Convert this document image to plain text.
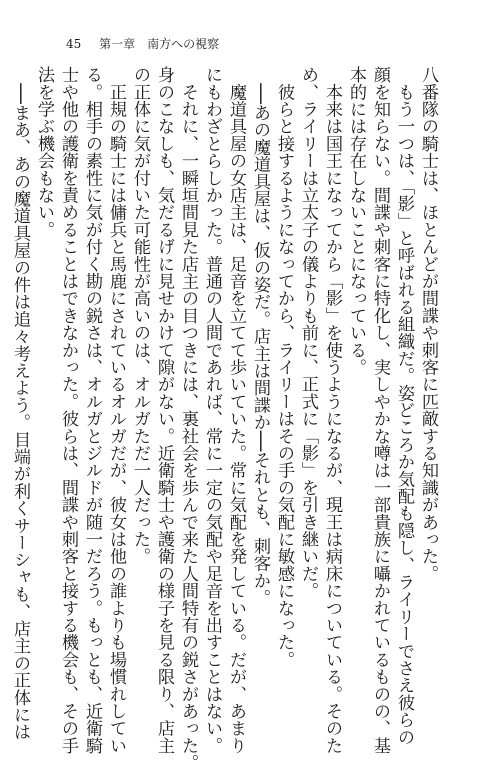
45 第一章　南方への視察
八番隊の騎士は、ほとんどが間諜や刺客に匹敵する知識があった。
　もう一つは、「影」と呼ばれる組織だ。姿どころか気配も隠し、ライリーでさえ彼らの
顔を知らない。間諜や刺客に特化し、実しやかな噂は一部貴族に囁かれているものの、基
本的には存在しないことになっている。
　本来は国王になってから「影」を使うようになるが、現王は病床についている。そのた
め、ライリーは立太子の儀よりも前に、正式に「影」を引き継いだ。
　彼らと接するようになってから、ライリーはその手の気配に敏感になった。
　──あの魔道具屋は、仮の姿だ。店主は間諜か──それとも、刺客か。
　魔道具屋の女店主は、足音を立てて歩いていた。常に気配を発している。だが、あまり
にもわざとらしかった。普通の人間であれば、常に一定の気配や足音を出すことはない。
　それに、一瞬垣間見た店主の目つきには、裏社会を歩んで来た人間特有の鋭さがあった。
身のこなしも、気だるげに見せかけて隙がない。近衛騎士や護衛の様子を見る限り、店主
の正体に気が付いた可能性が高いのは、オルガただ一人だった。
　正規の騎士には傭兵と馬鹿にされているオルガだが、彼女は他の誰よりも場慣れしてい
る。相手の素性に気が付く勘の鋭さは、オルガとジルドが随一だろう。もっとも、近衛騎
士や他の護衛を責めることはできなかった。彼らは、間諜や刺客と接する機会も、その手
法を学ぶ機会もない。
　──まあ、あの魔道具屋の件は追々考えよう。目端が利くサーシャも、店主の正体には
